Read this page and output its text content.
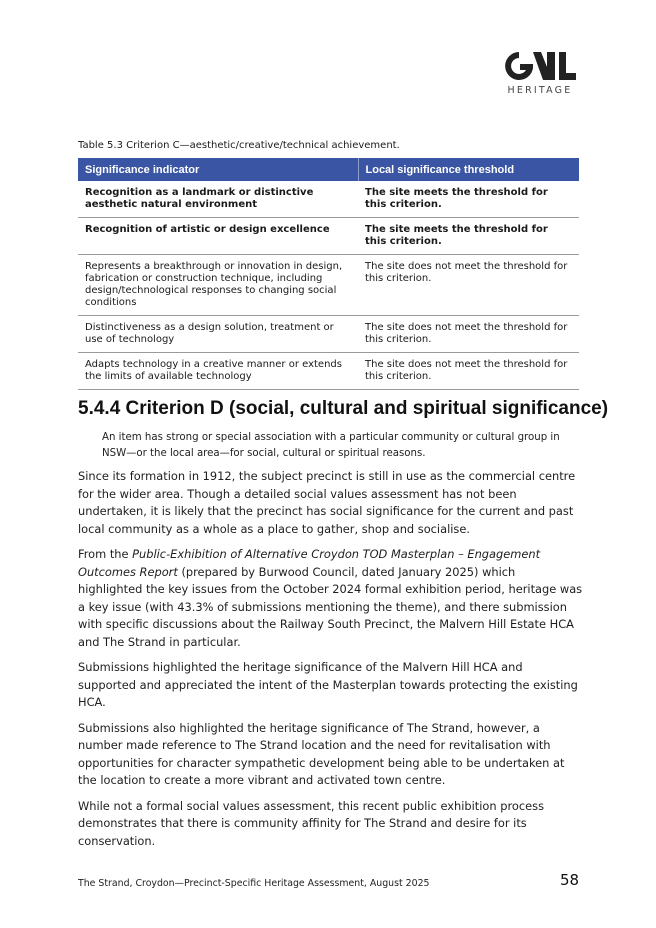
HERITAGE
Table 5.3 Criterion C—aesthetic/creative/technical achievement.
Significance indicator	Local significance threshold
Recognition as a landmark or distinctive aesthetic natural environment	The site meets the threshold for this criterion.
Recognition of artistic or design excellence	The site meets the threshold for this criterion.
Represents a breakthrough or innovation in design, fabrication or construction technique, including design/technological responses to changing social conditions	The site does not meet the threshold for this criterion.
Distinctiveness as a design solution, treatment or use of technology	The site does not meet the threshold for this criterion.
Adapts technology in a creative manner or extends the limits of available technology	The site does not meet the threshold for this criterion.
5.4.4 Criterion D (social, cultural and spiritual significance)
An item has strong or special association with a particular community or cultural group in NSW—or the local area—for social, cultural or spiritual reasons.

Since its formation in 1912, the subject precinct is still in use as the commercial centre for the wider area. Though a detailed social values assessment has not been undertaken, it is likely that the precinct has social significance for the current and past local community as a whole as a place to gather, shop and socialise.

From the Public-Exhibition of Alternative Croydon TOD Masterplan – Engagement Outcomes Report (prepared by Burwood Council, dated January 2025) which highlighted the key issues from the October 2024 formal exhibition period, heritage was a key issue (with 43.3% of submissions mentioning the theme), and there submission with specific discussions about the Railway South Precinct, the Malvern Hill Estate HCA and The Strand in particular.

Submissions highlighted the heritage significance of the Malvern Hill HCA and supported and appreciated the intent of the Masterplan towards protecting the existing HCA.

Submissions also highlighted the heritage significance of The Strand, however, a number made reference to The Strand location and the need for revitalisation with opportunities for character sympathetic development being able to be undertaken at the location to create a more vibrant and activated town centre.

While not a formal social values assessment, this recent public exhibition process demonstrates that there is community affinity for The Strand and desire for its conservation.

The Strand, Croydon—Precinct-Specific Heritage Assessment, August 2025	58
